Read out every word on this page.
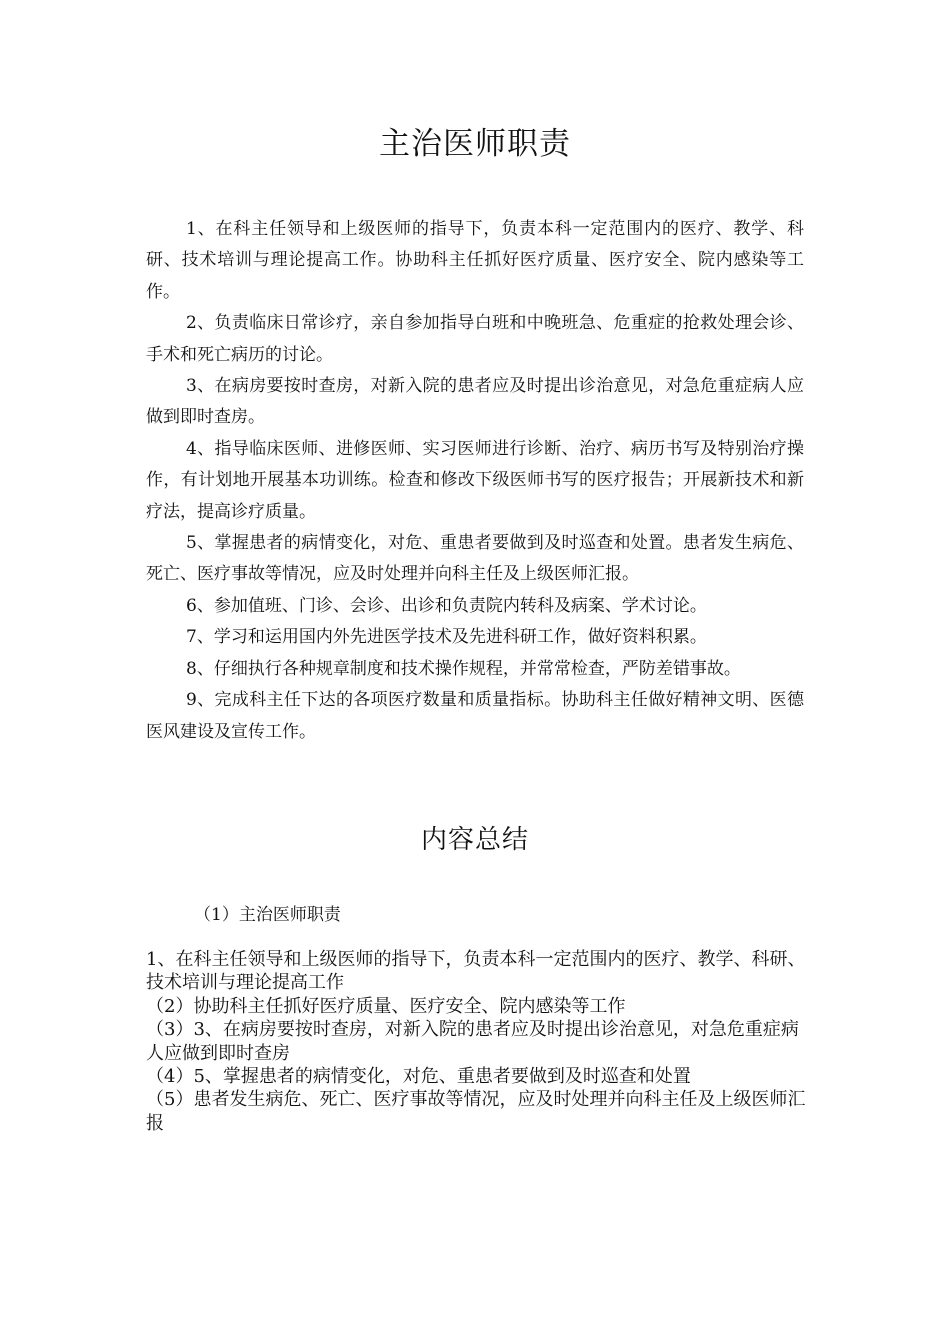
主治医师职责

1、在科主任领导和上级医师的指导下，负责本科一定范围内的医疗、教学、科研、技术培训与理论提高工作。协助科主任抓好医疗质量、医疗安全、院内感染等工作。

2、负责临床日常诊疗，亲自参加指导白班和中晚班急、危重症的抢救处理会诊、手术和死亡病历的讨论。

3、在病房要按时查房，对新入院的患者应及时提出诊治意见，对急危重症病人应做到即时查房。

4、指导临床医师、进修医师、实习医师进行诊断、治疗、病历书写及特别治疗操作，有计划地开展基本功训练。检查和修改下级医师书写的医疗报告；开展新技术和新疗法，提高诊疗质量。

5、掌握患者的病情变化，对危、重患者要做到及时巡查和处置。患者发生病危、死亡、医疗事故等情况，应及时处理并向科主任及上级医师汇报。

6、参加值班、门诊、会诊、出诊和负责院内转科及病案、学术讨论。

7、学习和运用国内外先进医学技术及先进科研工作，做好资料积累。

8、仔细执行各种规章制度和技术操作规程，并常常检查，严防差错事故。

9、完成科主任下达的各项医疗数量和质量指标。协助科主任做好精神文明、医德医风建设及宣传工作。

内容总结

（1）主治医师职责

1、在科主任领导和上级医师的指导下，负责本科一定范围内的医疗、教学、科研、技术培训与理论提高工作

（2）协助科主任抓好医疗质量、医疗安全、院内感染等工作

（3）3、在病房要按时查房，对新入院的患者应及时提出诊治意见，对急危重症病人应做到即时查房

（4）5、掌握患者的病情变化，对危、重患者要做到及时巡查和处置

（5）患者发生病危、死亡、医疗事故等情况，应及时处理并向科主任及上级医师汇报
